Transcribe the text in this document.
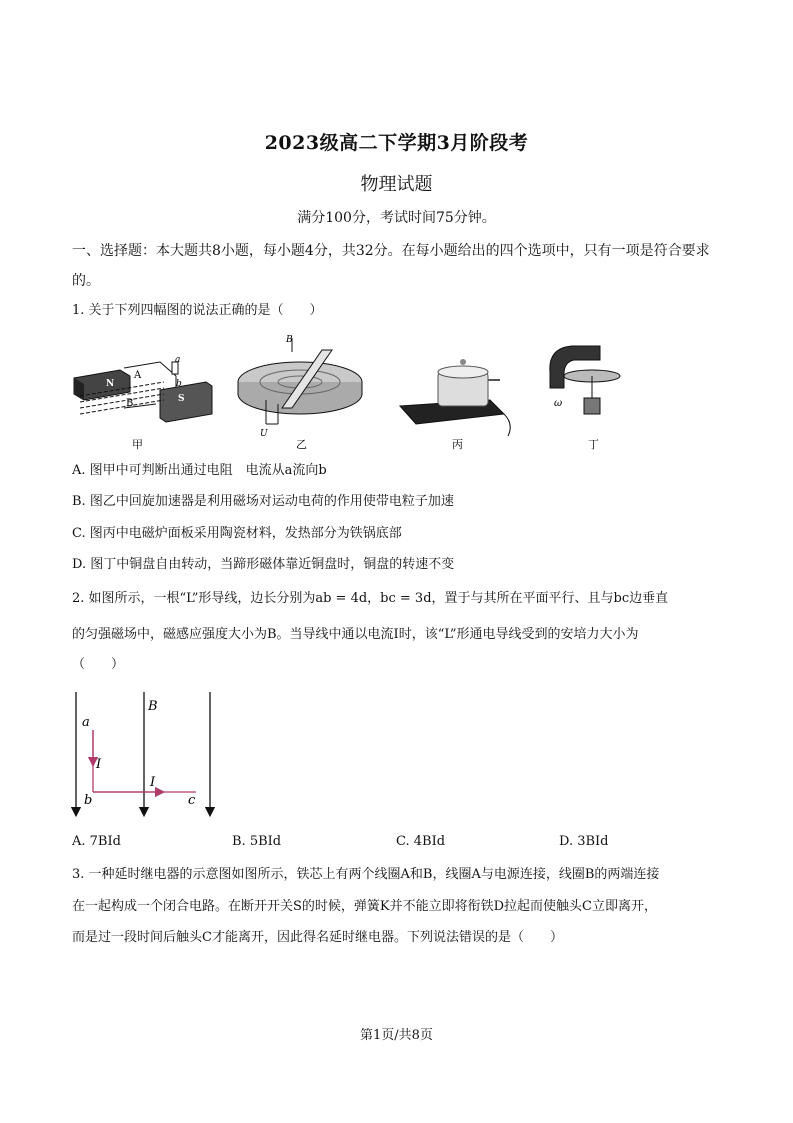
2023级高二下学期3月阶段考
物理试题
满分100分，考试时间75分钟。
一、选择题：本大题共8小题，每小题4分，共32分。在每小题给出的四个选项中，只有一项是符合要求的。
1. 关于下列四幅图的说法正确的是（　　）
N
S
a
b
A
B
甲
B
U
乙	丙
ω
丁
A. 图甲中可判断出通过电阻　电流从a流向b
B. 图乙中回旋加速器是利用磁场对运动电荷的作用使带电粒子加速
C. 图丙中电磁炉面板采用陶瓷材料，发热部分为铁锅底部
D. 图丁中铜盘自由转动，当蹄形磁体靠近铜盘时，铜盘的转速不变
2. 如图所示，一根“L”形导线，边长分别为ab = 4d，bc = 3d，置于与其所在平面平行、且与bc边垂直
的匀强磁场中，磁感应强度大小为B。当导线中通以电流I时，该“L”形通电导线受到的安培力大小为
（　　）
a
b	c
B
I
I
A. 7BId	B. 5BId	C. 4BId	D. 3BId
3. 一种延时继电器的示意图如图所示，铁芯上有两个线圈A和B，线圈A与电源连接，线圈B的两端连接
在一起构成一个闭合电路。在断开开关S的时候，弹簧K并不能立即将衔铁D拉起而使触头C立即离开，
而是过一段时间后触头C才能离开，因此得名延时继电器。下列说法错误的是（　　）
第1页/共8页
